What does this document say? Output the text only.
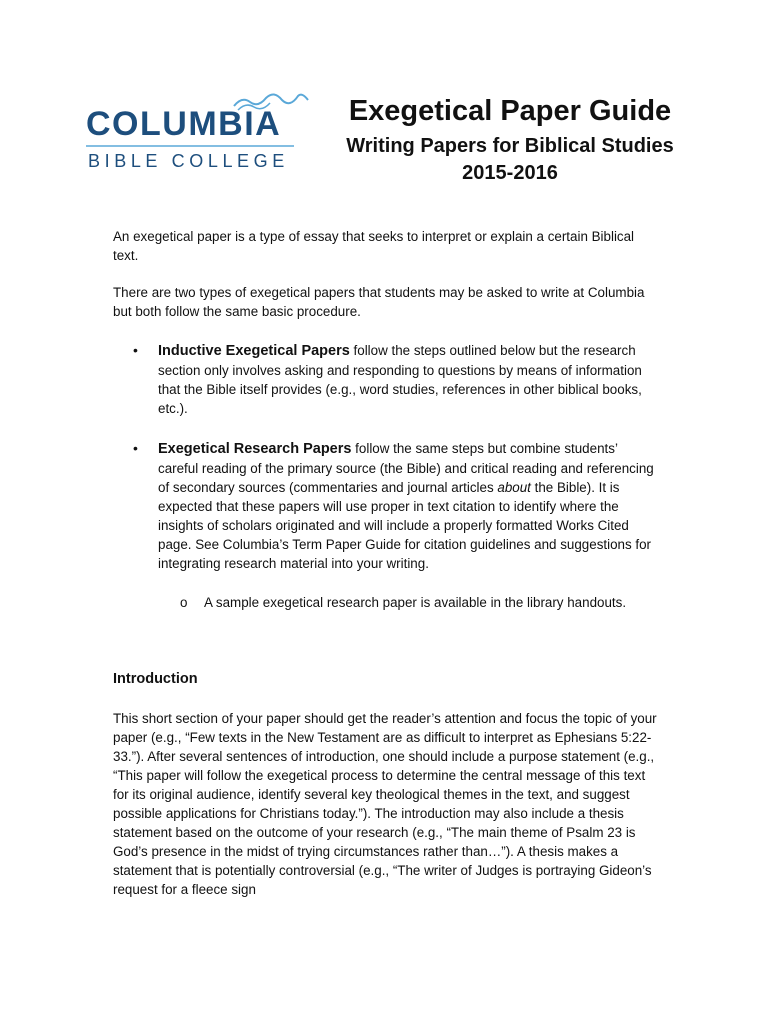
COLUMBIA
BIBLE COLLEGE
Exegetical Paper Guide
Writing Papers for Biblical Studies
2015-2016

An exegetical paper is a type of essay that seeks to interpret or explain a certain Biblical text.

There are two types of exegetical papers that students may be asked to write at Columbia but both follow the same basic procedure.

• Inductive Exegetical Papers follow the steps outlined below but the research section only involves asking and responding to questions by means of information that the Bible itself provides (e.g., word studies, references in other biblical books, etc.).
• Exegetical Research Papers follow the same steps but combine students’ careful reading of the primary source (the Bible) and critical reading and referencing of secondary sources (commentaries and journal articles about the Bible). It is expected that these papers will use proper in text citation to identify where the insights of scholars originated and will include a properly formatted Works Cited page. See Columbia’s Term Paper Guide for citation guidelines and suggestions for integrating research material into your writing.
o A sample exegetical research paper is available in the library handouts.
Introduction

This short section of your paper should get the reader’s attention and focus the topic of your paper (e.g., “Few texts in the New Testament are as difficult to interpret as Ephesians 5:22-33.”). After several sentences of introduction, one should include a purpose statement (e.g., “This paper will follow the exegetical process to determine the central message of this text for its original audience, identify several key theological themes in the text, and suggest possible applications for Christians today.”). The introduction may also include a thesis statement based on the outcome of your research (e.g., “The main theme of Psalm 23 is God’s presence in the midst of trying circumstances rather than…”). A thesis makes a statement that is potentially controversial (e.g., “The writer of Judges is portraying Gideon’s request for a fleece sign
